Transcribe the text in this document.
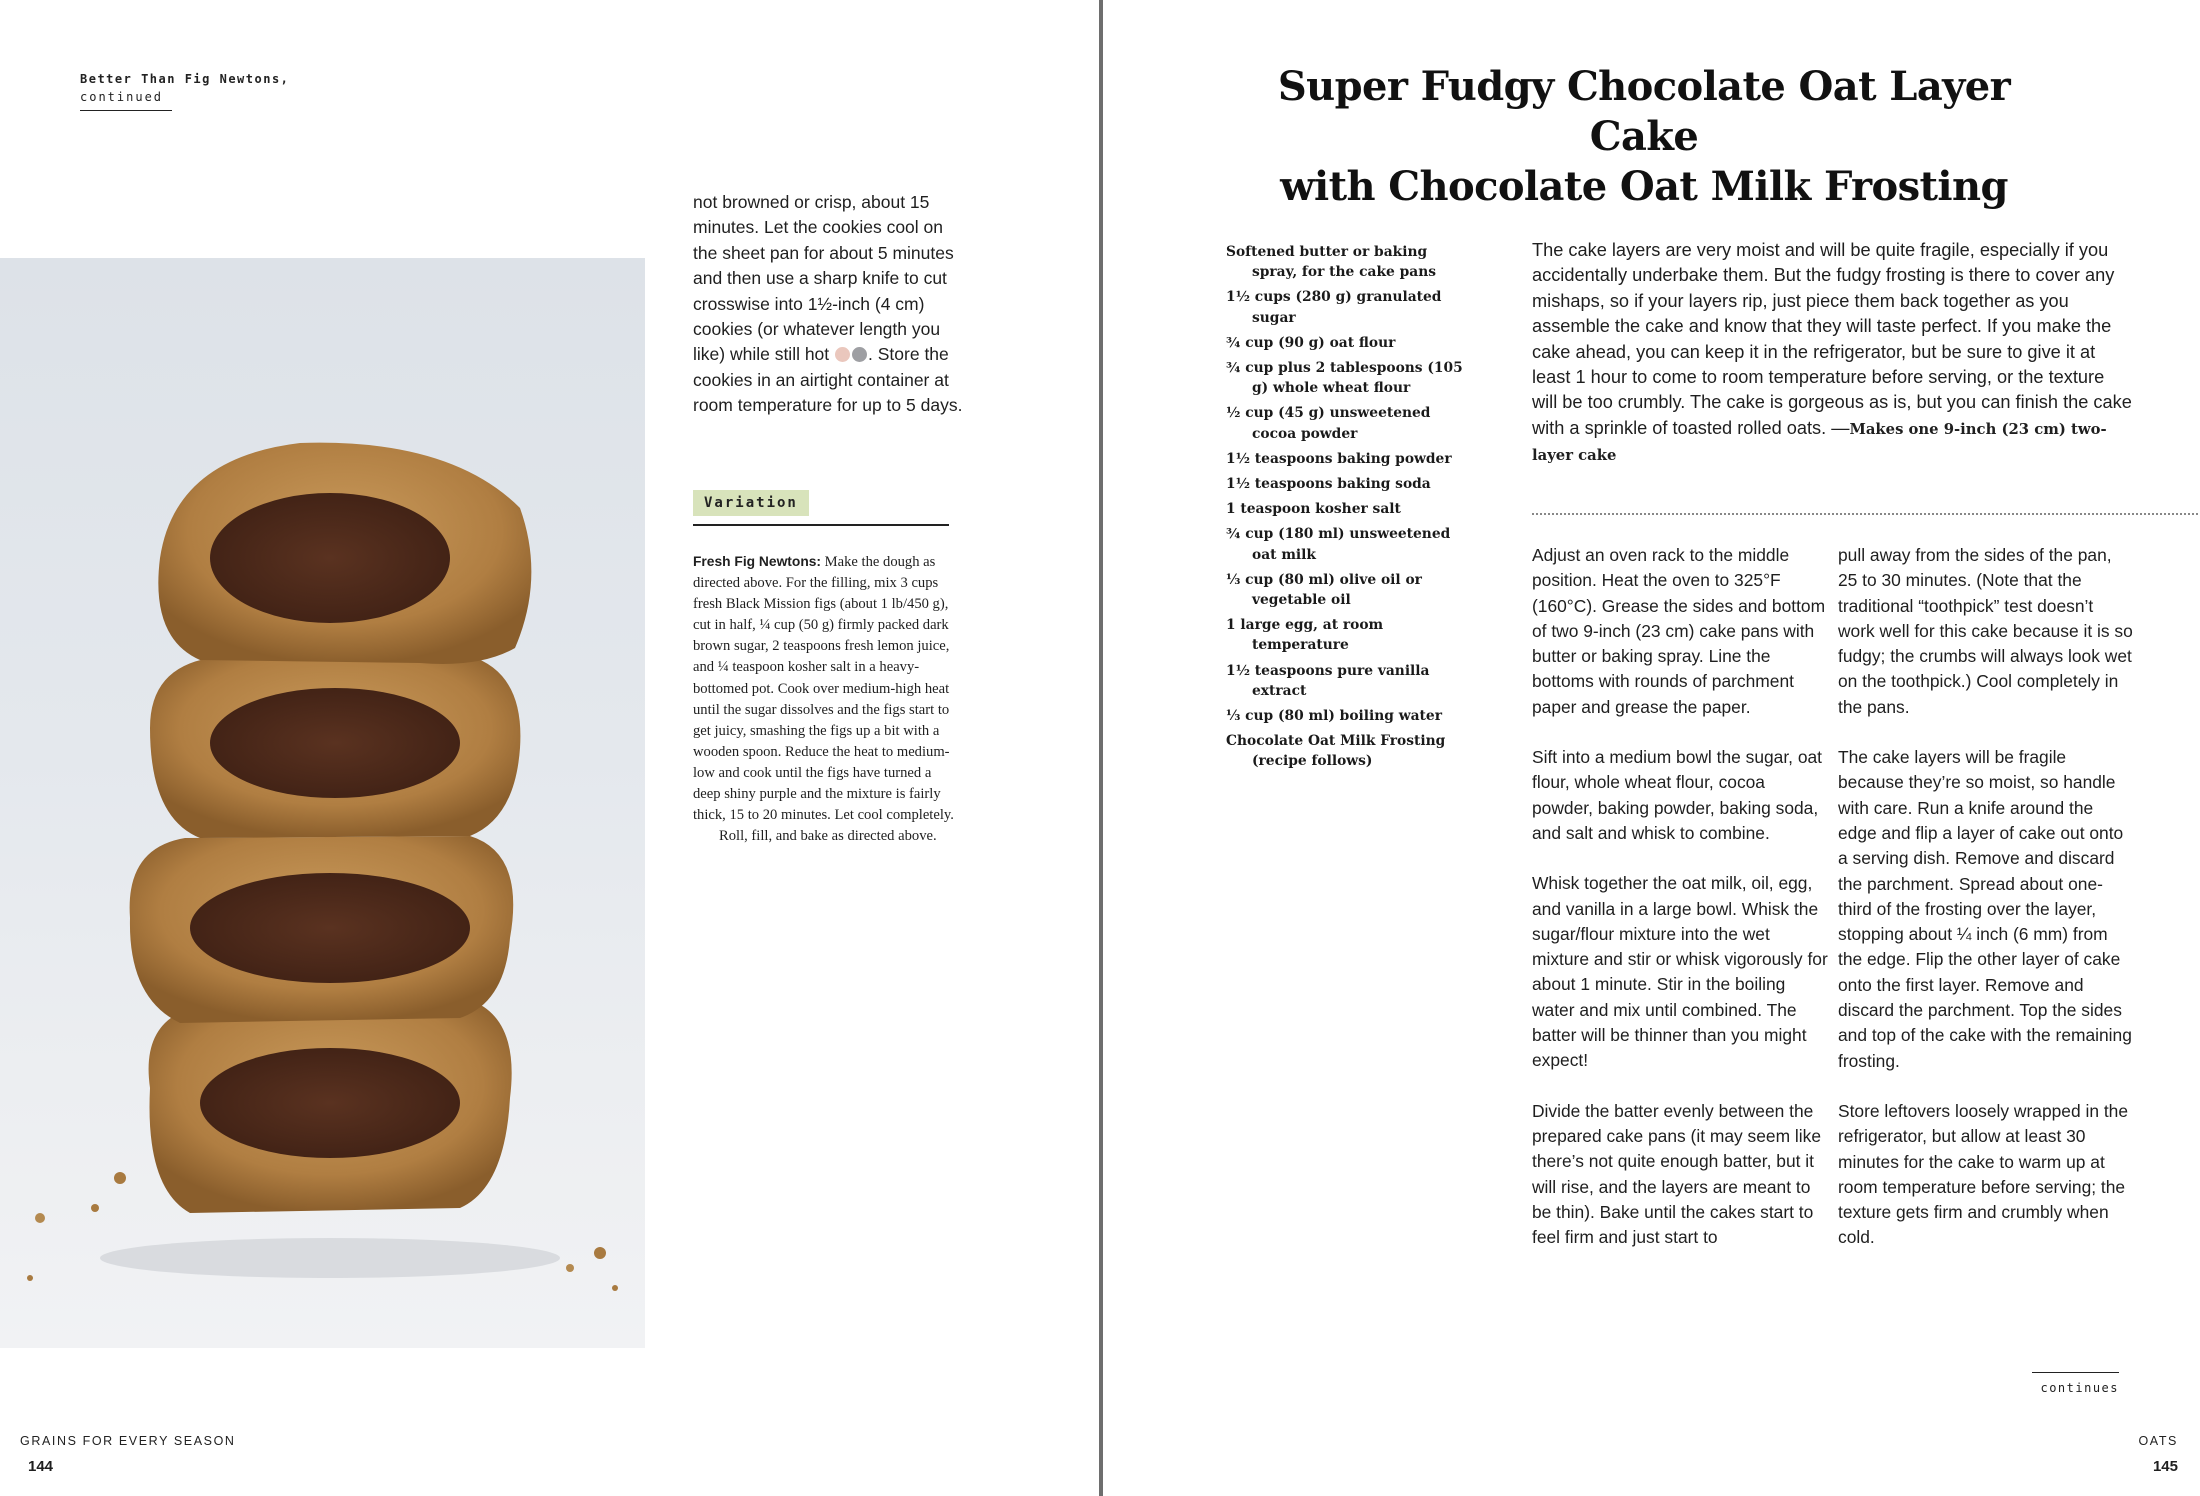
Better Than Fig Newtons,
continued
not browned or crisp, about 15 minutes. Let the cookies cool on the sheet pan for about 5 minutes and then use a sharp knife to cut crosswise into 1½-inch (4 cm) cookies (or whatever length you like) while still hot . Store the cookies in an airtight container at room temperature for up to 5 days.
Variation

Fresh Fig Newtons: Make the dough as directed above. For the filling, mix 3 cups fresh Black Mission figs (about 1 lb/450 g), cut in half, ¼ cup (50 g) firmly packed dark brown sugar, 2 teaspoons fresh lemon juice, and ¼ teaspoon kosher salt in a heavy-bottomed pot. Cook over medium-high heat until the sugar dissolves and the figs start to get juicy, smashing the figs up a bit with a wooden spoon. Reduce the heat to medium-low and cook until the figs have turned a deep shiny purple and the mixture is fairly thick, 15 to 20 minutes. Let cool completely.

Roll, fill, and bake as directed above.

GRAINS FOR EVERY SEASON
144
Super Fudgy Chocolate Oat Layer Cake
with Chocolate Oat Milk Frosting
Softened butter or baking spray, for the cake pans
1½ cups (280 g) granulated sugar
¾ cup (90 g) oat flour
¾ cup plus 2 tablespoons (105 g) whole wheat flour
½ cup (45 g) unsweetened cocoa powder
1½ teaspoons baking powder
1½ teaspoons baking soda
1 teaspoon kosher salt
¾ cup (180 ml) unsweetened oat milk
⅓ cup (80 ml) olive oil or vegetable oil
1 large egg, at room temperature
1½ teaspoons pure vanilla extract
⅓ cup (80 ml) boiling water
Chocolate Oat Milk Frosting (recipe follows)
The cake layers are very moist and will be quite fragile, especially if you accidentally underbake them. But the fudgy frosting is there to cover any mishaps, so if your layers rip, just piece them back together as you assemble the cake and know that they will taste perfect. If you make the cake ahead, you can keep it in the refrigerator, but be sure to give it at least 1 hour to come to room temperature before serving, or the texture will be too crumbly. The cake is gorgeous as is, but you can finish the cake with a sprinkle of toasted rolled oats. —Makes one 9-inch (23 cm) two-layer cake

Adjust an oven rack to the middle position. Heat the oven to 325°F (160°C). Grease the sides and bottom of two 9-inch (23 cm) cake pans with butter or baking spray. Line the bottoms with rounds of parchment paper and grease the paper.

Sift into a medium bowl the sugar, oat flour, whole wheat flour, cocoa powder, baking powder, baking soda, and salt and whisk to combine.

Whisk together the oat milk, oil, egg, and vanilla in a large bowl. Whisk the sugar/flour mixture into the wet mixture and stir or whisk vigorously for about 1 minute. Stir in the boiling water and mix until combined. The batter will be thinner than you might expect!

Divide the batter evenly between the prepared cake pans (it may seem like there’s not quite enough batter, but it will rise, and the layers are meant to be thin). Bake until the cakes start to feel firm and just start to

pull away from the sides of the pan, 25 to 30 minutes. (Note that the traditional “toothpick” test doesn’t work well for this cake because it is so fudgy; the crumbs will always look wet on the toothpick.) Cool completely in the pans.

The cake layers will be fragile because they’re so moist, so handle with care. Run a knife around the edge and flip a layer of cake out onto a serving dish. Remove and discard the parchment. Spread about one-third of the frosting over the layer, stopping about ¼ inch (6 mm) from the edge. Flip the other layer of cake onto the first layer. Remove and discard the parchment. Top the sides and top of the cake with the remaining frosting.

Store leftovers loosely wrapped in the refrigerator, but allow at least 30 minutes for the cake to warm up at room temperature before serving; the texture gets firm and crumbly when cold.

continues
OATS
145
